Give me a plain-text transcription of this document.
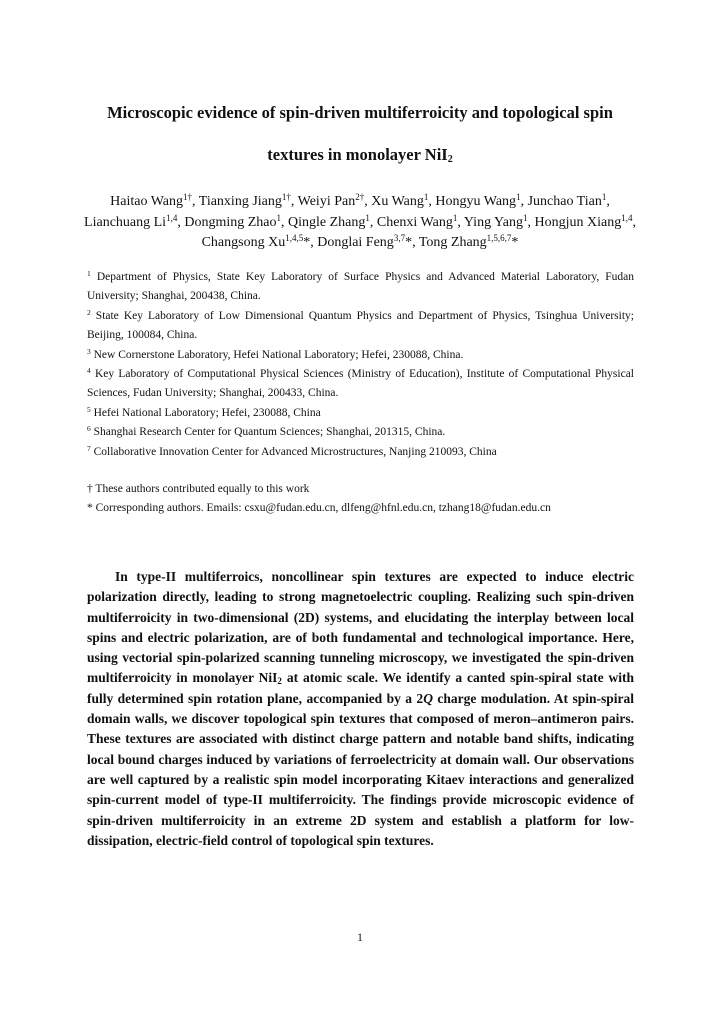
Microscopic evidence of spin-driven multiferroicity and topological spin
textures in monolayer NiI$_2$
Haitao Wang$^{1\dagger}$, Tianxing Jiang$^{1\dagger}$, Weiyi Pan$^{2\dagger}$, Xu Wang$^1$, Hongyu Wang$^1$, Junchao Tian$^1$, Lianchuang Li$^{1,4}$, Dongming Zhao$^1$, Qingle Zhang$^1$, Chenxi Wang$^1$, Ying Yang$^1$, Hongjun Xiang$^{1,4}$, Changsong Xu$^{1,4,5}$*, Donglai Feng$^{3,7}$*, Tong Zhang$^{1,5,6,7}$*

$^1$ Department of Physics, State Key Laboratory of Surface Physics and Advanced Material Laboratory, Fudan University; Shanghai, 200438, China.

$^2$ State Key Laboratory of Low Dimensional Quantum Physics and Department of Physics, Tsinghua University; Beijing, 100084, China.

$^3$ New Cornerstone Laboratory, Hefei National Laboratory; Hefei, 230088, China.

$^4$ Key Laboratory of Computational Physical Sciences (Ministry of Education), Institute of Computational Physical Sciences, Fudan University; Shanghai, 200433, China.

$^5$ Hefei National Laboratory; Hefei, 230088, China

$^6$ Shanghai Research Center for Quantum Sciences; Shanghai, 201315, China.

$^7$ Collaborative Innovation Center for Advanced Microstructures, Nanjing 210093, China

† These authors contributed equally to this work

* Corresponding authors. Emails: csxu@fudan.edu.cn, dlfeng@hfnl.edu.cn, tzhang18@fudan.edu.cn

In type-II multiferroics, noncollinear spin textures are expected to induce electric polarization directly, leading to strong magnetoelectric coupling. Realizing such spin-driven multiferroicity in two-dimensional (2D) systems, and elucidating the interplay between local spins and electric polarization, are of both fundamental and technological importance. Here, using vectorial spin-polarized scanning tunneling microscopy, we investigated the spin-driven multiferroicity in monolayer NiI$_2$ at atomic scale. We identify a canted spin-spiral state with fully determined spin rotation plane, accompanied by a 2Q charge modulation. At spin-spiral domain walls, we discover topological spin textures that composed of meron–antimeron pairs. These textures are associated with distinct charge pattern and notable band shifts, indicating local bound charges induced by variations of ferroelectricity at domain wall. Our observations are well captured by a realistic spin model incorporating Kitaev interactions and generalized spin-current model of type-II multiferroicity. The findings provide microscopic evidence of spin-driven multiferroicity in an extreme 2D system and establish a platform for low-dissipation, electric-field control of topological spin textures.

1
